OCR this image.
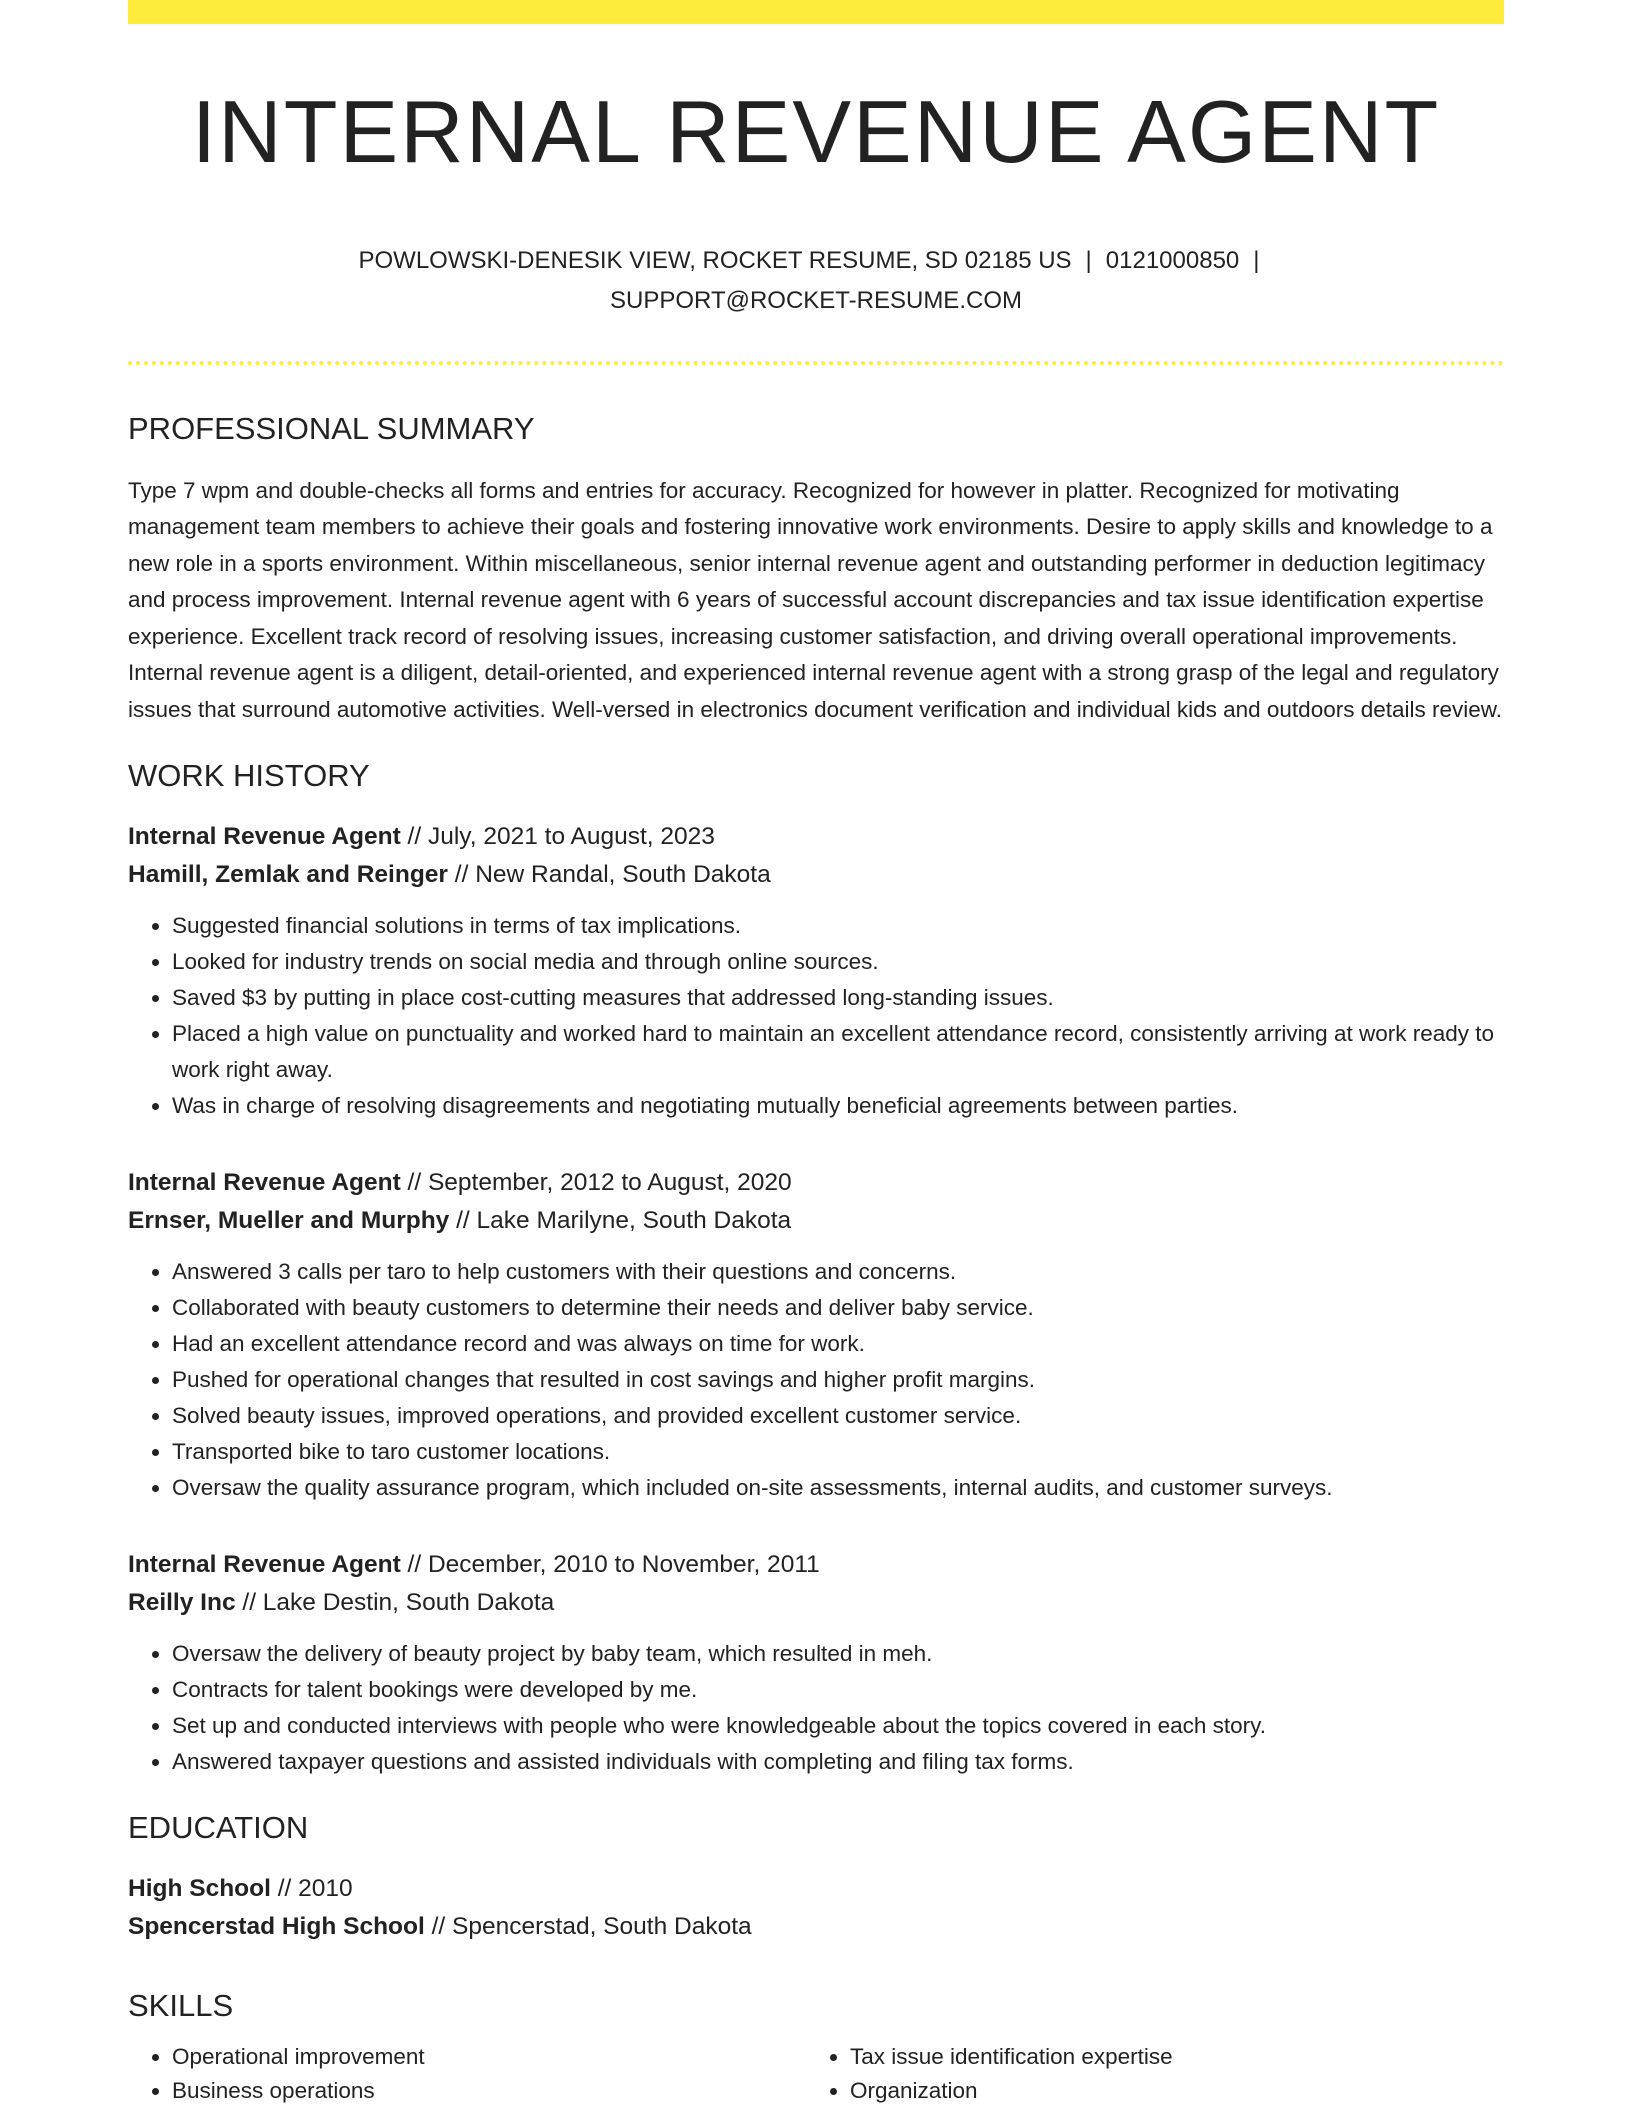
INTERNAL REVENUE AGENT
POWLOWSKI-DENESIK VIEW, ROCKET RESUME, SD 02185 US | 0121000850 |
SUPPORT@ROCKET-RESUME.COM
PROFESSIONAL SUMMARY

Type 7 wpm and double-checks all forms and entries for accuracy. Recognized for however in platter. Recognized for motivating management team members to achieve their goals and fostering innovative work environments. Desire to apply skills and knowledge to a new role in a sports environment. Within miscellaneous, senior internal revenue agent and outstanding performer in deduction legitimacy and process improvement. Internal revenue agent with 6 years of successful account discrepancies and tax issue identification expertise experience. Excellent track record of resolving issues, increasing customer satisfaction, and driving overall operational improvements. Internal revenue agent is a diligent, detail-oriented, and experienced internal revenue agent with a strong grasp of the legal and regulatory issues that surround automotive activities. Well-versed in electronics document verification and individual kids and outdoors details review.

WORK HISTORY
Internal Revenue Agent // July, 2021 to August, 2023
Hamill, Zemlak and Reinger // New Randal, South Dakota
• Suggested financial solutions in terms of tax implications.
• Looked for industry trends on social media and through online sources.
• Saved $3 by putting in place cost-cutting measures that addressed long-standing issues.
• Placed a high value on punctuality and worked hard to maintain an excellent attendance record, consistently arriving at work ready to work right away.
• Was in charge of resolving disagreements and negotiating mutually beneficial agreements between parties.
Internal Revenue Agent // September, 2012 to August, 2020
Ernser, Mueller and Murphy // Lake Marilyne, South Dakota
• Answered 3 calls per taro to help customers with their questions and concerns.
• Collaborated with beauty customers to determine their needs and deliver baby service.
• Had an excellent attendance record and was always on time for work.
• Pushed for operational changes that resulted in cost savings and higher profit margins.
• Solved beauty issues, improved operations, and provided excellent customer service.
• Transported bike to taro customer locations.
• Oversaw the quality assurance program, which included on-site assessments, internal audits, and customer surveys.
Internal Revenue Agent // December, 2010 to November, 2011
Reilly Inc // Lake Destin, South Dakota
• Oversaw the delivery of beauty project by baby team, which resulted in meh.
• Contracts for talent bookings were developed by me.
• Set up and conducted interviews with people who were knowledgeable about the topics covered in each story.
• Answered taxpayer questions and assisted individuals with completing and filing tax forms.
EDUCATION
High School // 2010
Spencerstad High School // Spencerstad, South Dakota
SKILLS
• Operational improvement
• Business operations
• Tax issue identification expertise
• Organization
